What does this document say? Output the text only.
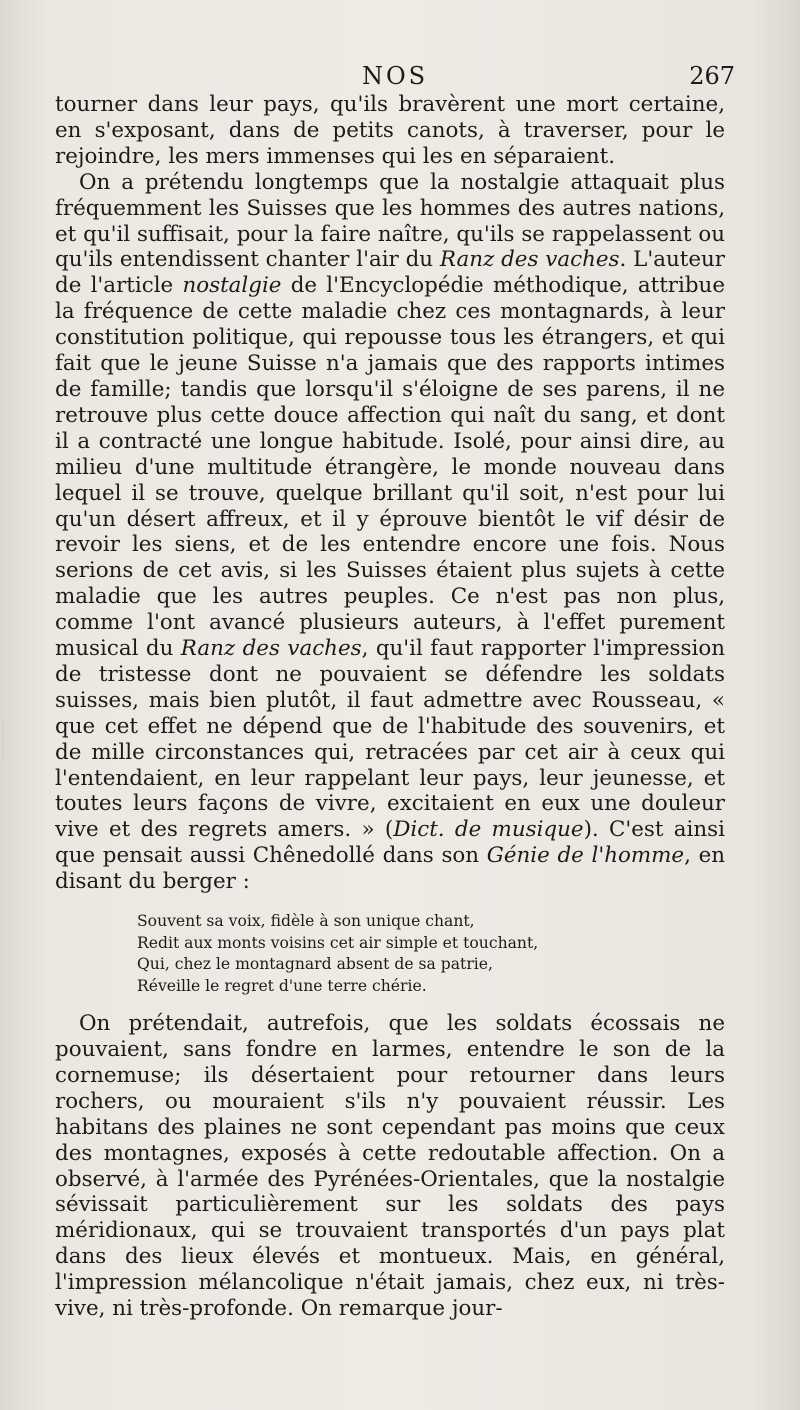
NOS	267

tourner dans leur pays, qu'ils bravèrent une mort certaine, en s'exposant, dans de petits canots, à traverser, pour le rejoindre, les mers immenses qui les en séparaient.

On a prétendu longtemps que la nostalgie attaquait plus fréquemment les Suisses que les hommes des autres nations, et qu'il suffisait, pour la faire naître, qu'ils se rappelassent ou qu'ils entendissent chanter l'air du Ranz des vaches. L'auteur de l'article nostalgie de l'Encyclopédie méthodique, attribue la fréquence de cette maladie chez ces montagnards, à leur constitution politique, qui repousse tous les étrangers, et qui fait que le jeune Suisse n'a jamais que des rapports intimes de famille; tandis que lorsqu'il s'éloigne de ses parens, il ne retrouve plus cette douce affection qui naît du sang, et dont il a contracté une longue habitude. Isolé, pour ainsi dire, au milieu d'une multitude étrangère, le monde nouveau dans lequel il se trouve, quelque brillant qu'il soit, n'est pour lui qu'un désert affreux, et il y éprouve bientôt le vif désir de revoir les siens, et de les entendre encore une fois. Nous serions de cet avis, si les Suisses étaient plus sujets à cette maladie que les autres peuples. Ce n'est pas non plus, comme l'ont avancé plusieurs auteurs, à l'effet purement musical du Ranz des vaches, qu'il faut rapporter l'impression de tristesse dont ne pouvaient se défendre les soldats suisses, mais bien plutôt, il faut admettre avec Rousseau, « que cet effet ne dépend que de l'habitude des souvenirs, et de mille circonstances qui, retracées par cet air à ceux qui l'entendaient, en leur rappelant leur pays, leur jeunesse, et toutes leurs façons de vivre, excitaient en eux une douleur vive et des regrets amers. » (Dict. de musique). C'est ainsi que pensait aussi Chênedollé dans son Génie de l'homme, en disant du berger :

Souvent sa voix, fidèle à son unique chant,
Redit aux monts voisins cet air simple et touchant,
Qui, chez le montagnard absent de sa patrie,
Réveille le regret d'une terre chérie.

On prétendait, autrefois, que les soldats écossais ne pouvaient, sans fondre en larmes, entendre le son de la cornemuse; ils désertaient pour retourner dans leurs rochers, ou mouraient s'ils n'y pouvaient réussir. Les habitans des plaines ne sont cependant pas moins que ceux des montagnes, exposés à cette redoutable affection. On a observé, à l'armée des Pyrénées-Orientales, que la nostalgie sévissait particulièrement sur les soldats des pays méridionaux, qui se trouvaient transportés d'un pays plat dans des lieux élevés et montueux. Mais, en général, l'impression mélancolique n'était jamais, chez eux, ni très-vive, ni très-profonde. On remarque jour-
